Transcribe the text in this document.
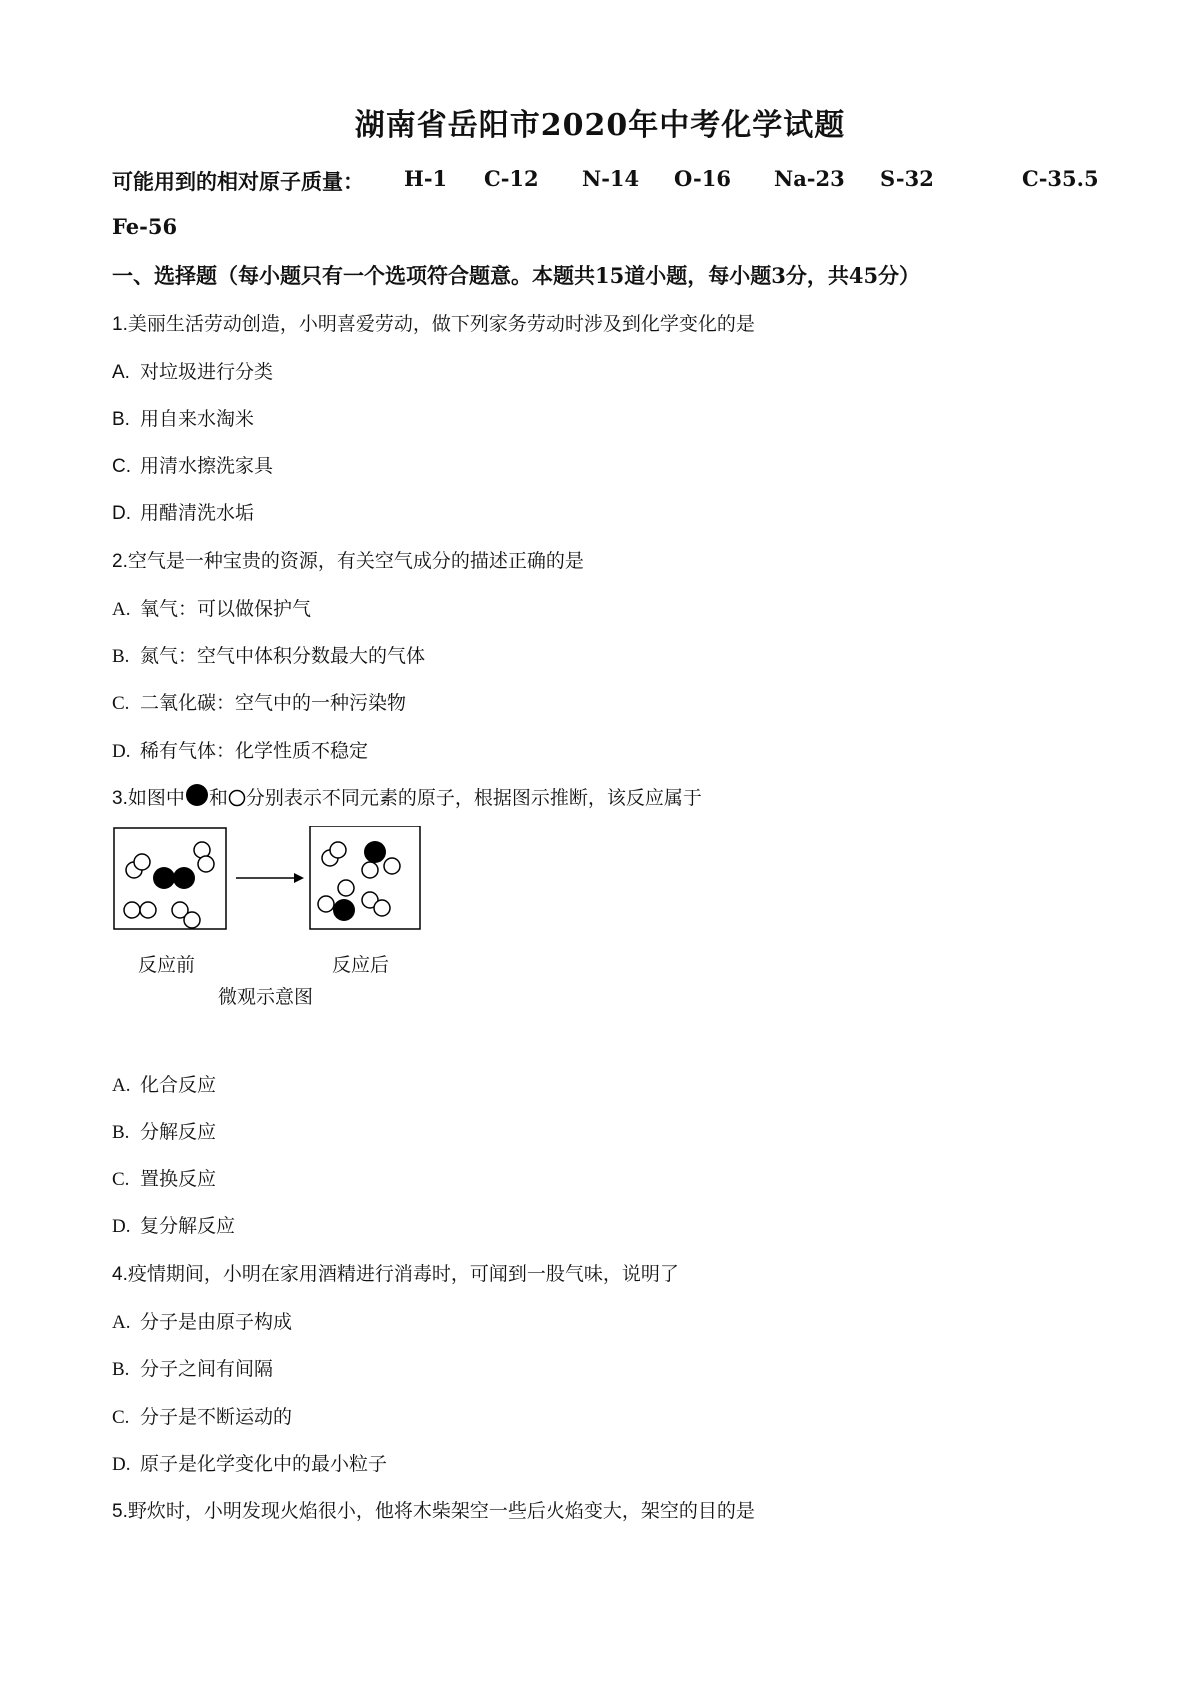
湖南省岳阳市2020年中考化学试题
可能用到的相对原子质量： H-1 C-12 N-14 O-16 Na-23 S-32	C-35.5
Fe-56
一、选择题（每小题只有一个选项符合题意。本题共15道小题，每小题3分，共45分）
1.美丽生活劳动创造，小明喜爱劳动，做下列家务劳动时涉及到化学变化的是
A. 对垃圾进行分类
B. 用自来水淘米
C. 用清水擦洗家具
D. 用醋清洗水垢
2.空气是一种宝贵的资源，有关空气成分的描述正确的是
A. 氧气：可以做保护气
B. 氮气：空气中体积分数最大的气体
C. 二氧化碳：空气中的一种污染物
D. 稀有气体：化学性质不稳定
3.如图中 和 分别表示不同元素的原子，根据图示推断，该反应属于
反应前	反应后
微观示意图
A. 化合反应
B. 分解反应
C. 置换反应
D. 复分解反应
4.疫情期间，小明在家用酒精进行消毒时，可闻到一股气味，说明了
A. 分子是由原子构成
B. 分子之间有间隔
C. 分子是不断运动的
D. 原子是化学变化中的最小粒子
5.野炊时，小明发现火焰很小，他将木柴架空一些后火焰变大，架空的目的是
